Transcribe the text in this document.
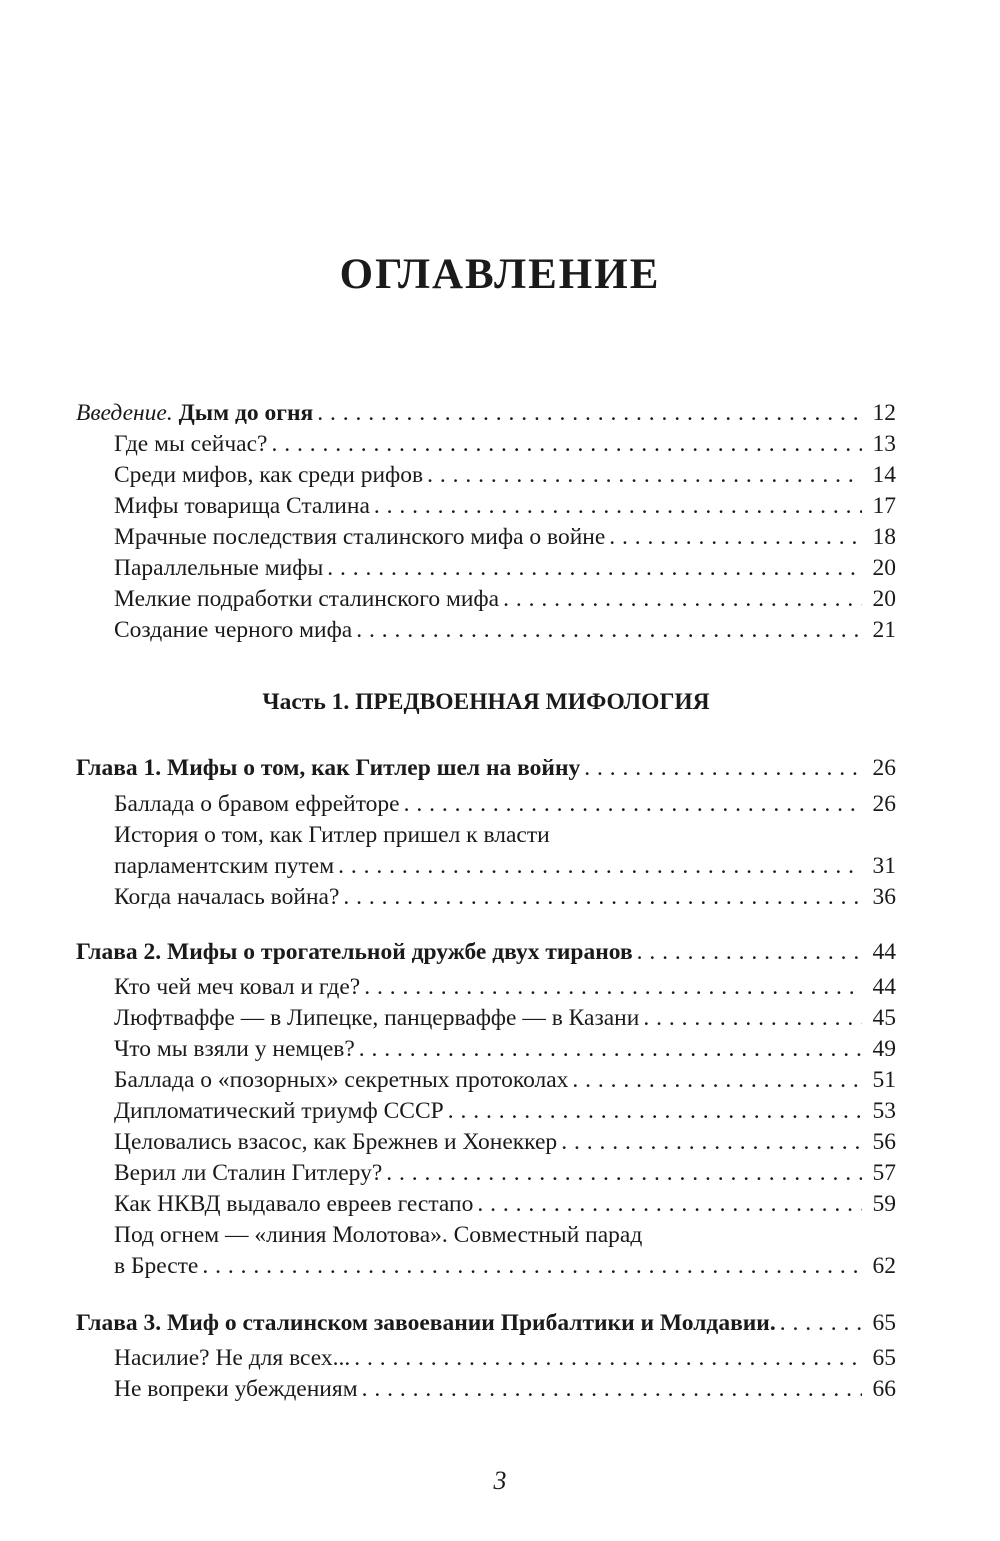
ОГЛАВЛЕНИЕ
Введение. Дым до огня . . .	12
Где мы сейчас? . . .	13
Среди мифов, как среди рифов . . .	14
Мифы товарища Сталина . . .	17
Мрачные последствия сталинского мифа о войне . . .	18
Параллельные мифы . . .	20
Мелкие подработки сталинского мифа . . .	20
Создание черного мифа . . .	21
Часть 1. ПРЕДВОЕННАЯ МИФОЛОГИЯ
Глава 1. Мифы о том, как Гитлер шел на войну . . .	26
Баллада о бравом ефрейторе . . .	26
История о том, как Гитлер пришел к власти
парламентским путем . . .	31
Когда началась война? . . .	36
Глава 2. Мифы о трогательной дружбе двух тиранов . . .	44
Кто чей меч ковал и где? . . .	44
Люфтваффе — в Липецке, панцерваффе — в Казани . . .	45
Что мы взяли у немцев? . . .	49
Баллада о «позорных» секретных протоколах . . .	51
Дипломатический триумф СССР . . .	53
Целовались взасос, как Брежнев и Хонеккер . . .	56
Верил ли Сталин Гитлеру? . . .	57
Как НКВД выдавало евреев гестапо . . .	59
Под огнем — «линия Молотова». Совместный парад
в Бресте . . .	62
Глава 3. Миф о сталинском завоевании Прибалтики и Молдавии. . . .	65
Насилие? Не для всех... . . .	65
Не вопреки убеждениям . . .	66
3
